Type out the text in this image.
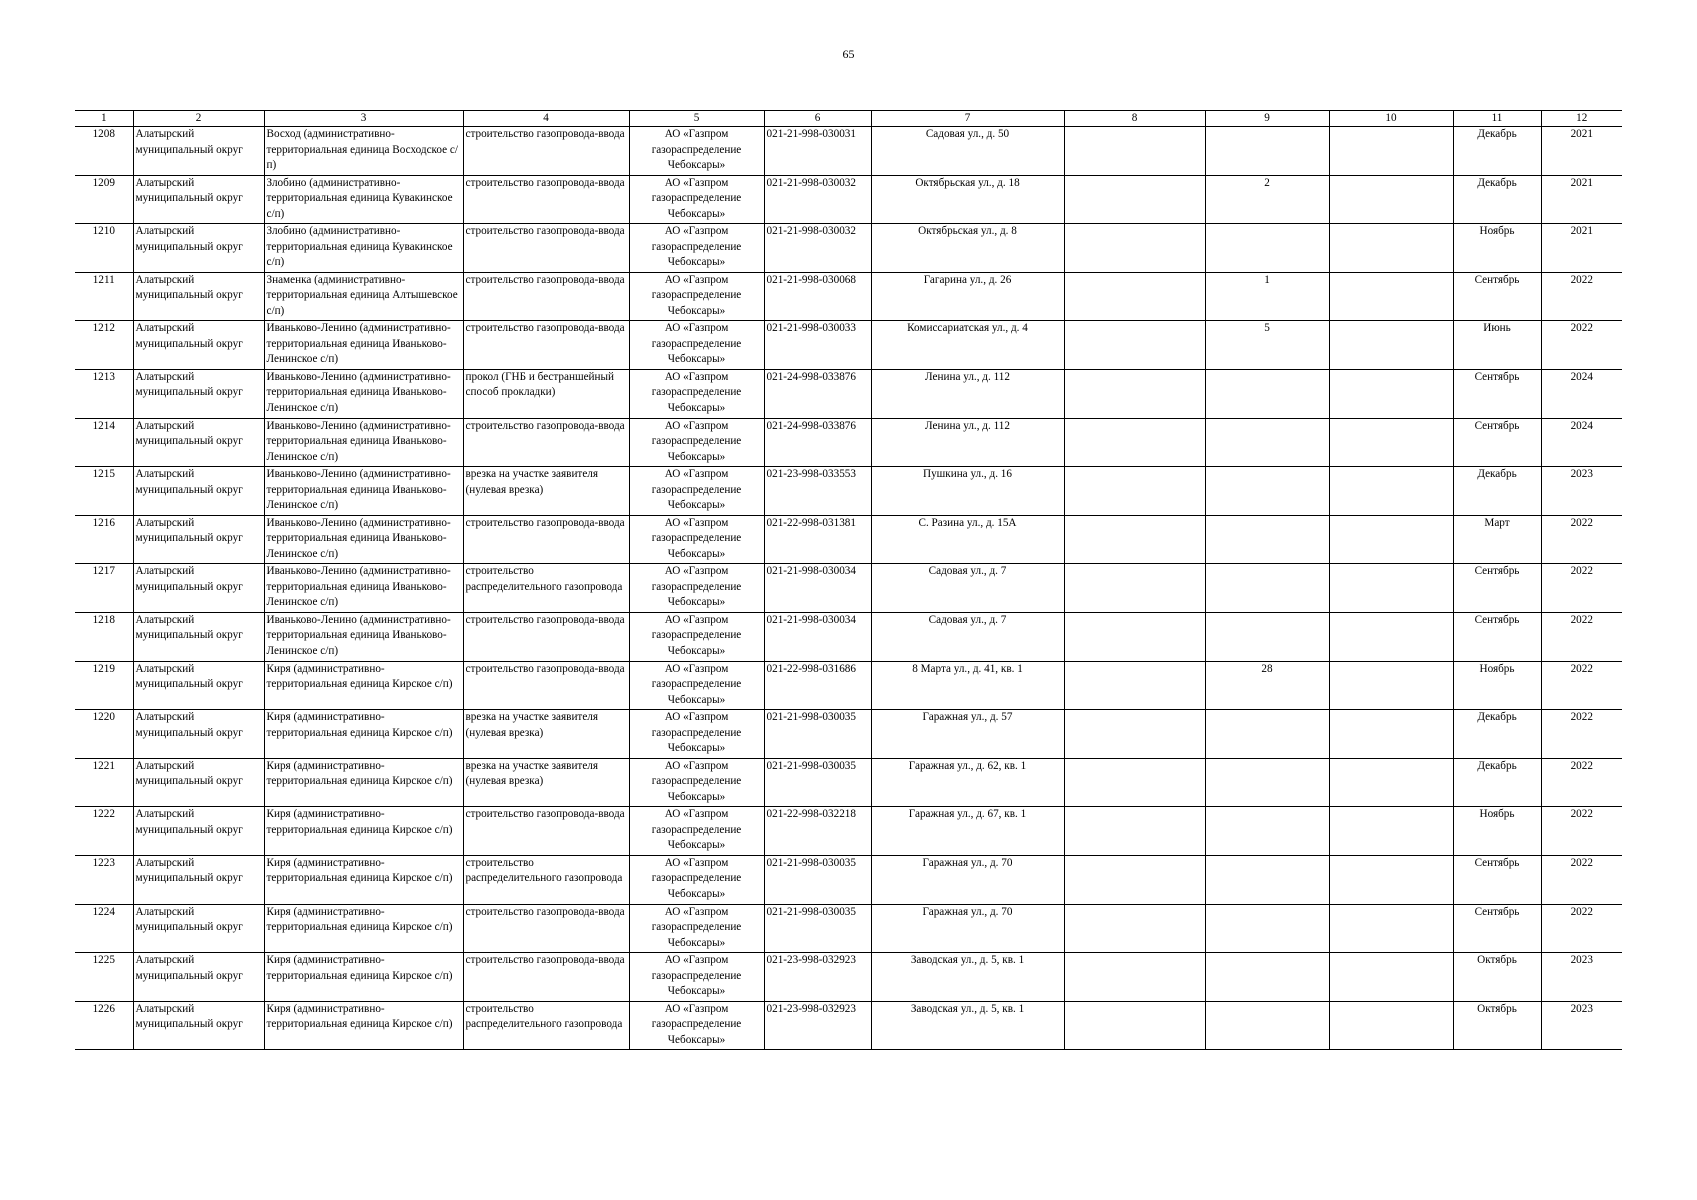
65
1	2	3	4	5	6	7	8	9	10	11	12
1208	Алатырский муниципальный округ	Восход (административно-территориальная единица Восходское с/п)	строительство газопровода-ввода	АО «Газпром газораспределение Чебоксары»	021-21-998-030031	Садовая ул., д. 50				Декабрь	2021
1209	Алатырский муниципальный округ	Злобино (административно-территориальная единица Кувакинское с/п)	строительство газопровода-ввода	АО «Газпром газораспределение Чебоксары»	021-21-998-030032	Октябрьская ул., д. 18		2		Декабрь	2021
1210	Алатырский муниципальный округ	Злобино (административно-территориальная единица Кувакинское с/п)	строительство газопровода-ввода	АО «Газпром газораспределение Чебоксары»	021-21-998-030032	Октябрьская ул., д. 8				Ноябрь	2021
1211	Алатырский муниципальный округ	Знаменка (административно-территориальная единица Алтышевское с/п)	строительство газопровода-ввода	АО «Газпром газораспределение Чебоксары»	021-21-998-030068	Гагарина ул., д. 26		1		Сентябрь	2022
1212	Алатырский муниципальный округ	Иваньково-Ленино (административно-территориальная единица Иваньково-Ленинское с/п)	строительство газопровода-ввода	АО «Газпром газораспределение Чебоксары»	021-21-998-030033	Комиссариатская ул., д. 4		5		Июнь	2022
1213	Алатырский муниципальный округ	Иваньково-Ленино (административно-территориальная единица Иваньково-Ленинское с/п)	прокол (ГНБ и бестраншейный способ прокладки)	АО «Газпром газораспределение Чебоксары»	021-24-998-033876	Ленина ул., д. 112				Сентябрь	2024
1214	Алатырский муниципальный округ	Иваньково-Ленино (административно-территориальная единица Иваньково-Ленинское с/п)	строительство газопровода-ввода	АО «Газпром газораспределение Чебоксары»	021-24-998-033876	Ленина ул., д. 112				Сентябрь	2024
1215	Алатырский муниципальный округ	Иваньково-Ленино (административно-территориальная единица Иваньково-Ленинское с/п)	врезка на участке заявителя (нулевая врезка)	АО «Газпром газораспределение Чебоксары»	021-23-998-033553	Пушкина ул., д. 16				Декабрь	2023
1216	Алатырский муниципальный округ	Иваньково-Ленино (административно-территориальная единица Иваньково-Ленинское с/п)	строительство газопровода-ввода	АО «Газпром газораспределение Чебоксары»	021-22-998-031381	С. Разина ул., д. 15А				Март	2022
1217	Алатырский муниципальный округ	Иваньково-Ленино (административно-территориальная единица Иваньково-Ленинское с/п)	строительство распределительного газопровода	АО «Газпром газораспределение Чебоксары»	021-21-998-030034	Садовая ул., д. 7				Сентябрь	2022
1218	Алатырский муниципальный округ	Иваньково-Ленино (административно-территориальная единица Иваньково-Ленинское с/п)	строительство газопровода-ввода	АО «Газпром газораспределение Чебоксары»	021-21-998-030034	Садовая ул., д. 7				Сентябрь	2022
1219	Алатырский муниципальный округ	Киря (административно-территориальная единица Кирское с/п)	строительство газопровода-ввода	АО «Газпром газораспределение Чебоксары»	021-22-998-031686	8 Марта ул., д. 41, кв. 1		28		Ноябрь	2022
1220	Алатырский муниципальный округ	Киря (административно-территориальная единица Кирское с/п)	врезка на участке заявителя (нулевая врезка)	АО «Газпром газораспределение Чебоксары»	021-21-998-030035	Гаражная ул., д. 57				Декабрь	2022
1221	Алатырский муниципальный округ	Киря (административно-территориальная единица Кирское с/п)	врезка на участке заявителя (нулевая врезка)	АО «Газпром газораспределение Чебоксары»	021-21-998-030035	Гаражная ул., д. 62, кв. 1				Декабрь	2022
1222	Алатырский муниципальный округ	Киря (административно-территориальная единица Кирское с/п)	строительство газопровода-ввода	АО «Газпром газораспределение Чебоксары»	021-22-998-032218	Гаражная ул., д. 67, кв. 1				Ноябрь	2022
1223	Алатырский муниципальный округ	Киря (административно-территориальная единица Кирское с/п)	строительство распределительного газопровода	АО «Газпром газораспределение Чебоксары»	021-21-998-030035	Гаражная ул., д. 70				Сентябрь	2022
1224	Алатырский муниципальный округ	Киря (административно-территориальная единица Кирское с/п)	строительство газопровода-ввода	АО «Газпром газораспределение Чебоксары»	021-21-998-030035	Гаражная ул., д. 70				Сентябрь	2022
1225	Алатырский муниципальный округ	Киря (административно-территориальная единица Кирское с/п)	строительство газопровода-ввода	АО «Газпром газораспределение Чебоксары»	021-23-998-032923	Заводская ул., д. 5, кв. 1				Октябрь	2023
1226	Алатырский муниципальный округ	Киря (административно-территориальная единица Кирское с/п)	строительство распределительного газопровода	АО «Газпром газораспределение Чебоксары»	021-23-998-032923	Заводская ул., д. 5, кв. 1				Октябрь	2023
